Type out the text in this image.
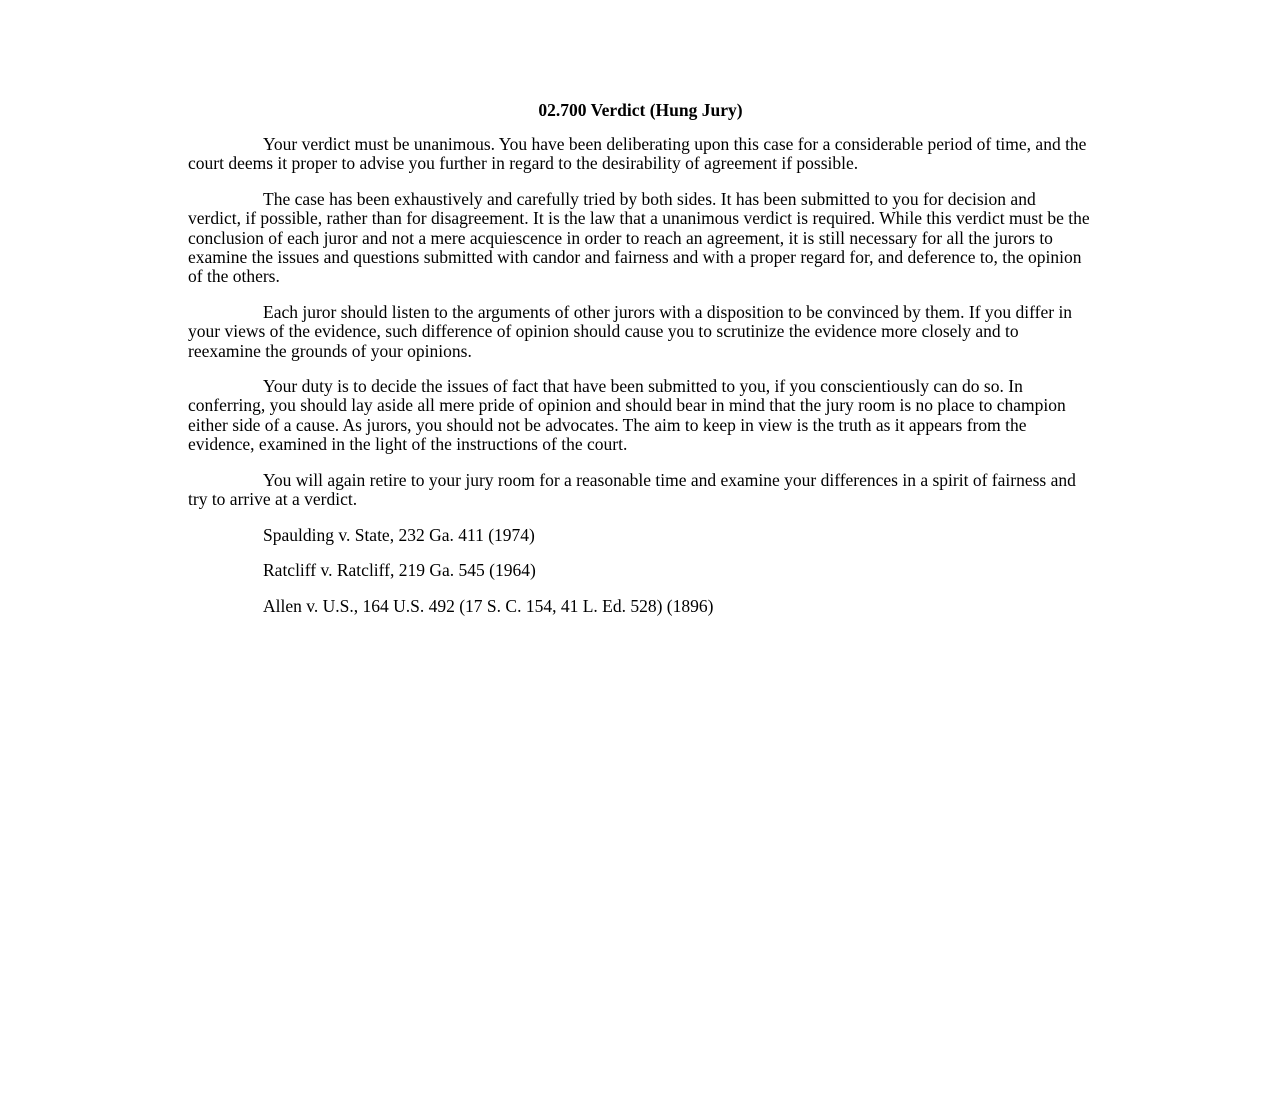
02.700 Verdict (Hung Jury)

Your verdict must be unanimous. You have been deliberating upon this case for a considerable period of time, and the court deems it proper to advise you further in regard to the desirability of agreement if possible.

The case has been exhaustively and carefully tried by both sides. It has been submitted to you for decision and verdict, if possible, rather than for disagreement. It is the law that a unanimous verdict is required. While this verdict must be the conclusion of each juror and not a mere acquiescence in order to reach an agreement, it is still necessary for all the jurors to examine the issues and questions submitted with candor and fairness and with a proper regard for, and deference to, the opinion of the others.

Each juror should listen to the arguments of other jurors with a disposition to be convinced by them. If you differ in your views of the evidence, such difference of opinion should cause you to scrutinize the evidence more closely and to reexamine the grounds of your opinions.

Your duty is to decide the issues of fact that have been submitted to you, if you conscientiously can do so. In conferring, you should lay aside all mere pride of opinion and should bear in mind that the jury room is no place to champion either side of a cause. As jurors, you should not be advocates. The aim to keep in view is the truth as it appears from the evidence, examined in the light of the instructions of the court.

You will again retire to your jury room for a reasonable time and examine your differences in a spirit of fairness and try to arrive at a verdict.

Spaulding v. State, 232 Ga. 411 (1974)
Ratcliff v. Ratcliff, 219 Ga. 545 (1964)
Allen v. U.S., 164 U.S. 492 (17 S. C. 154, 41 L. Ed. 528) (1896)
